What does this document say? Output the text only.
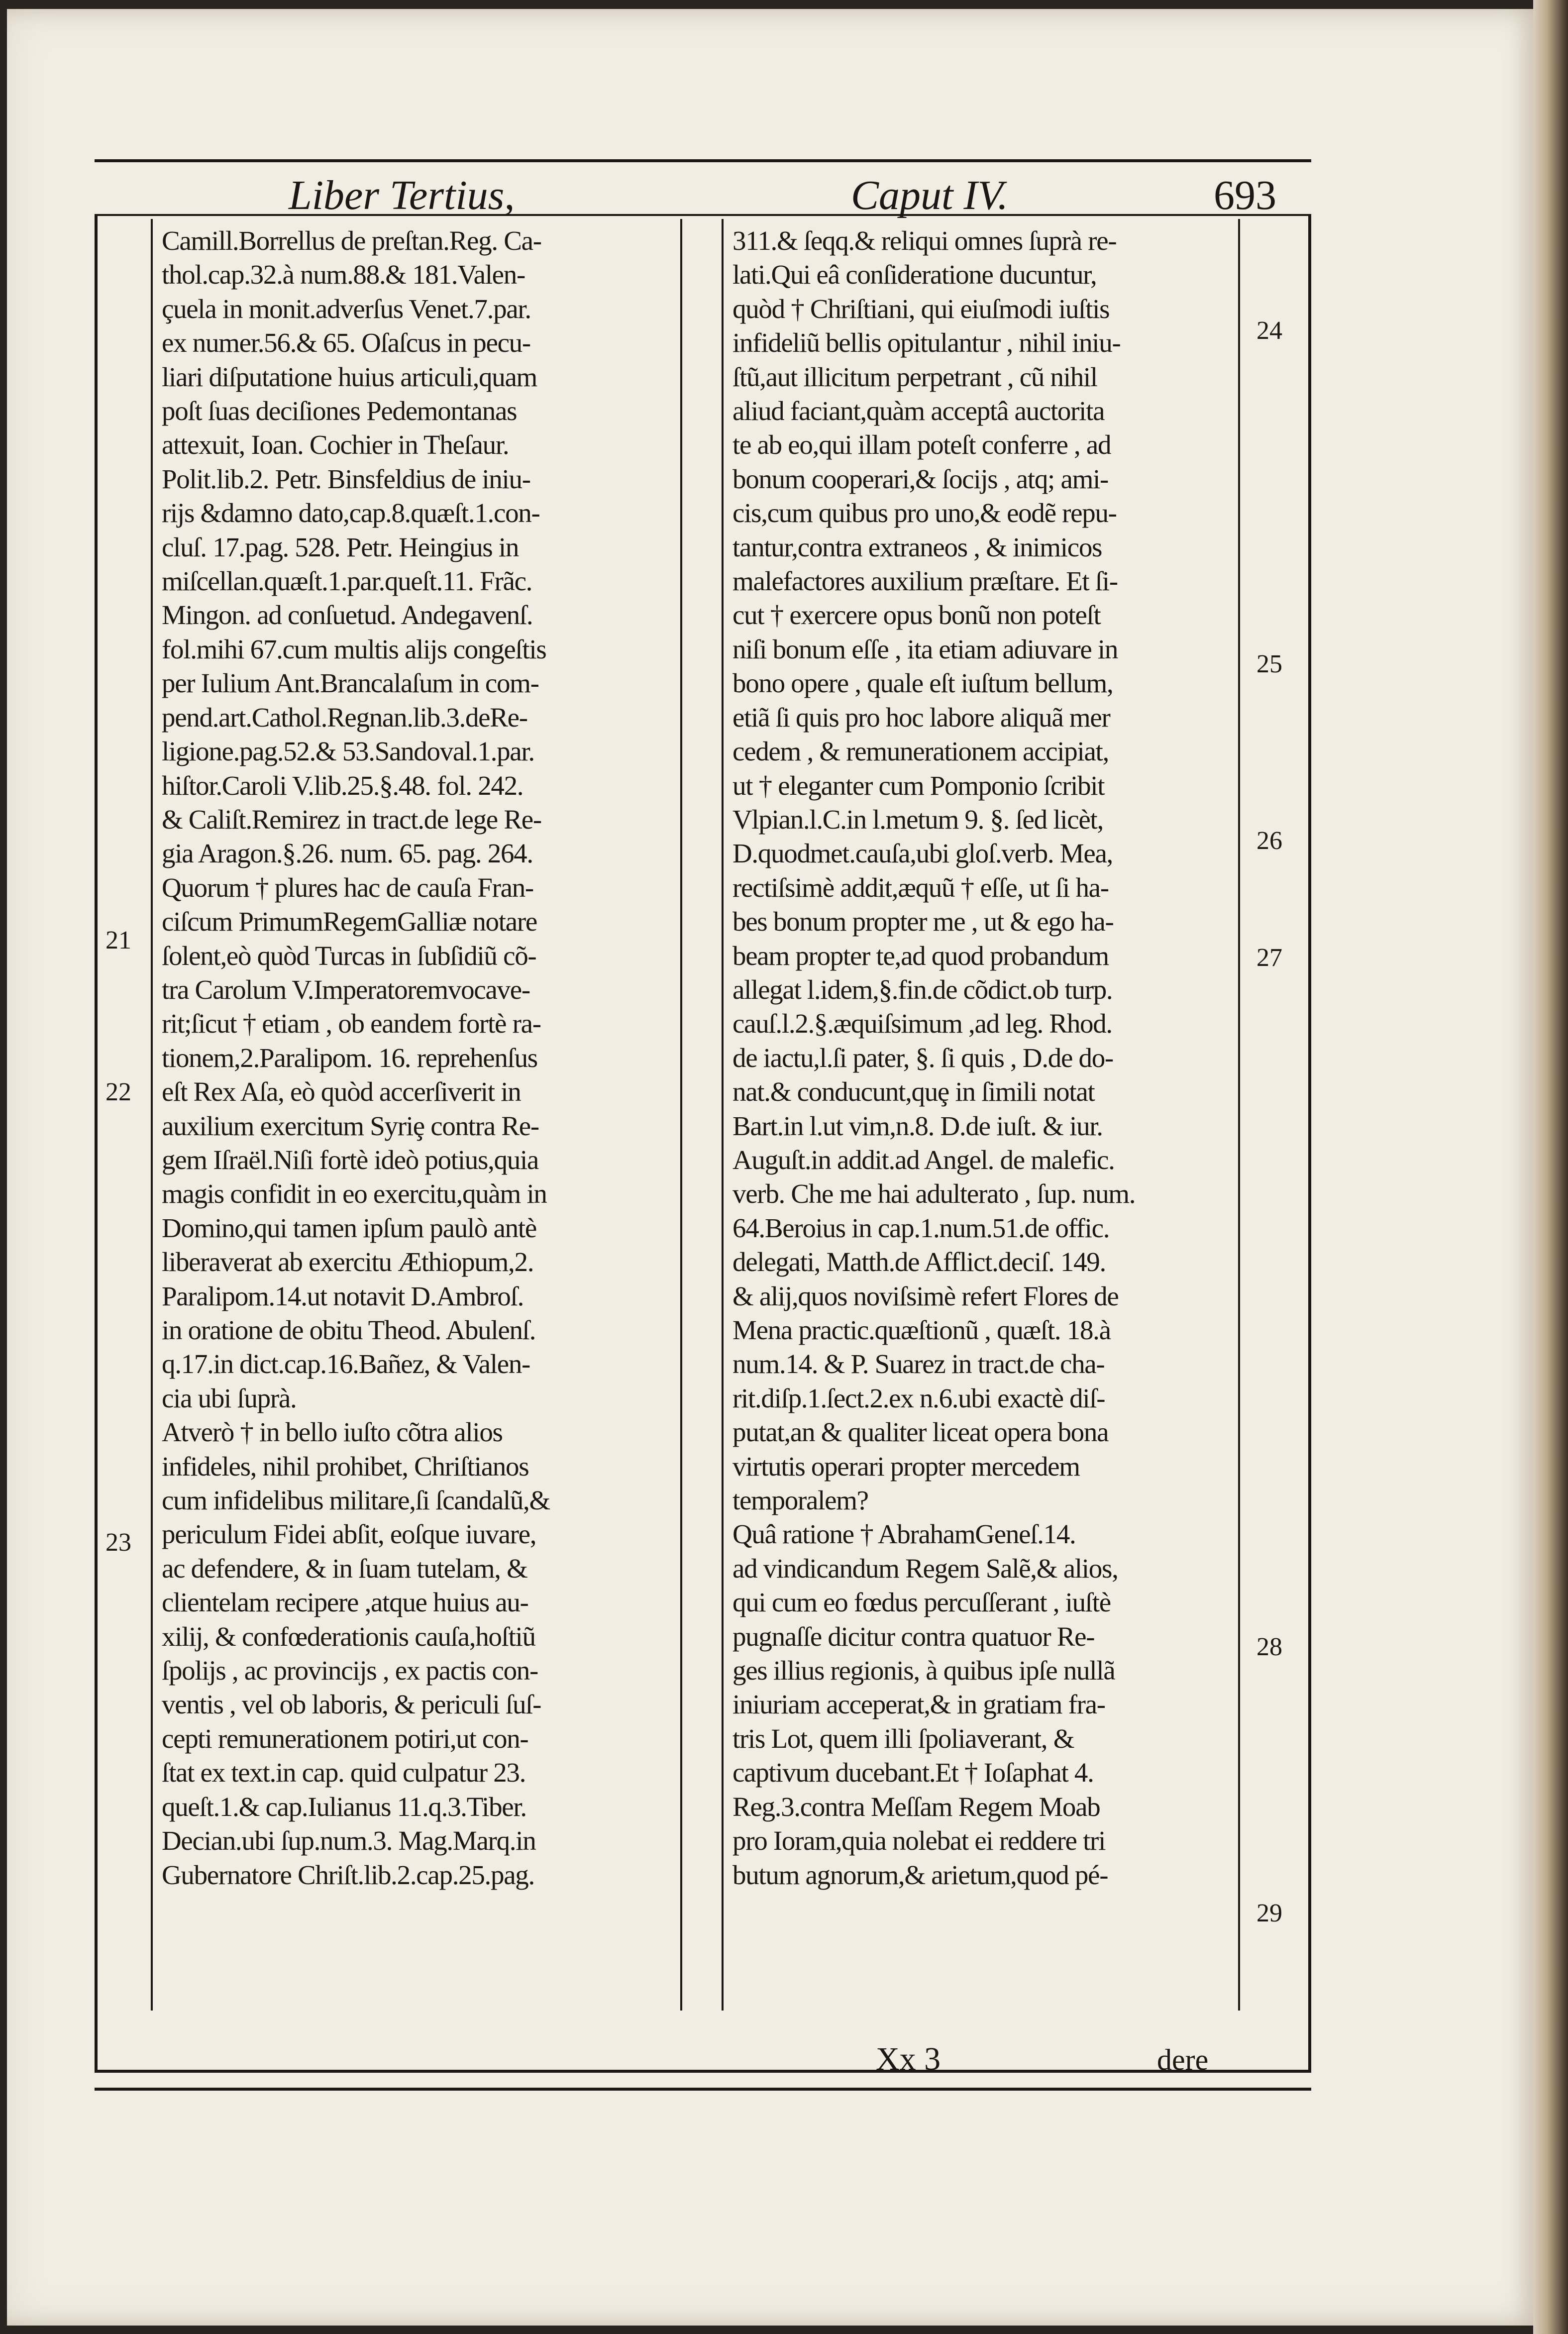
Liber Tertius,	Caput IV.	693
Camill.Borrellus de preſtan.Reg. Ca-
thol.cap.32.à num.88.& 181.Valen-
çuela in monit.adverſus Venet.7.par.
ex numer.56.& 65. Oſaſcus in pecu-
liari diſputatione huius articuli,quam
poſt ſuas deciſiones Pedemontanas
attexuit, Ioan. Cochier in Theſaur.
Polit.lib.2. Petr. Binsfeldius de iniu-
rijs &damno dato,cap.8.quæſt.1.con-
cluſ. 17.pag. 528. Petr. Heingius in
miſcellan.quæſt.1.par.queſt.11. Frãc.
Mingon. ad conſuetud. Andegavenſ.
fol.mihi 67.cum multis alijs congeſtis
per Iulium Ant.Brancalaſum in com-
pend.art.Cathol.Regnan.lib.3.deRe-
ligione.pag.52.& 53.Sandoval.1.par.
hiſtor.Caroli V.lib.25.§.48. fol. 242.
& Caliſt.Remirez in tract.de lege Re-
gia Aragon.§.26. num. 65. pag. 264.
Quorum † plures hac de cauſa Fran-
ciſcum PrimumRegemGalliæ notare
ſolent,eò quòd Turcas in ſubſidiũ cõ-
tra Carolum V.Imperatoremvocave-
rit;ſicut † etiam , ob eandem fortè ra-
tionem,2.Paralipom. 16. reprehenſus
eſt Rex Aſa, eò quòd accerſiverit in
auxilium exercitum Syriȩ contra Re-
gem Iſraël.Niſi fortè ideò potius,quia
magis confidit in eo exercitu,quàm in
Domino,qui tamen ipſum paulò antè
liberaverat ab exercitu Æthiopum,2.
Paralipom.14.ut notavit D.Ambroſ.
in oratione de obitu Theod. Abulenſ.
q.17.in dict.cap.16.Bañez, & Valen-
cia ubi ſuprà.
Atverò † in bello iuſto cõtra alios
infideles, nihil prohibet, Chriſtianos
cum infidelibus militare,ſi ſcandalũ,&
periculum Fidei abſit, eoſque iuvare,
ac defendere, & in ſuam tutelam, &
clientelam recipere ,atque huius au-
xilij, & confœderationis cauſa,hoſtiũ
ſpolijs , ac provincijs , ex pactis con-
ventis , vel ob laboris, & periculi ſuſ-
cepti remunerationem potiri,ut con-
ſtat ex text.in cap. quid culpatur 23.
queſt.1.& cap.Iulianus 11.q.3.Tiber.
Decian.ubi ſup.num.3. Mag.Marq.in
Gubernatore Chriſt.lib.2.cap.25.pag.
311.& ſeqq.& reliqui omnes ſuprà re-
lati.Qui eâ conſideratione ducuntur,
quòd † Chriſtiani, qui eiuſmodi iuſtis
infideliũ bellis opitulantur , nihil iniu-
ſtũ,aut illicitum perpetrant , cũ nihil
aliud faciant,quàm acceptâ auctorita
te ab eo,qui illam poteſt conferre , ad
bonum cooperari,& ſocijs , atq; ami-
cis,cum quibus pro uno,& eodẽ repu-
tantur,contra extraneos , & inimicos
malefactores auxilium præſtare. Et ſi-
cut † exercere opus bonũ non poteſt
niſi bonum eſſe , ita etiam adiuvare in
bono opere , quale eſt iuſtum bellum,
etiã ſi quis pro hoc labore aliquã mer
cedem , & remunerationem accipiat,
ut † eleganter cum Pomponio ſcribit
Vlpian.l.C.in l.metum 9. §. ſed licèt,
D.quodmet.cauſa,ubi gloſ.verb. Mea,
rectiſsimè addit,æquũ † eſſe, ut ſi ha-
bes bonum propter me , ut & ego ha-
beam propter te,ad quod probandum
allegat l.idem,§.fin.de cõdict.ob turp.
cauſ.l.2.§.æquiſsimum ,ad leg. Rhod.
de iactu,l.ſi pater, §. ſi quis , D.de do-
nat.& conducunt,quȩ in ſimili notat
Bart.in l.ut vim,n.8. D.de iuſt. & iur.
Auguſt.in addit.ad Angel. de malefic.
verb. Che me hai adulterato , ſup. num.
64.Beroius in cap.1.num.51.de offic.
delegati, Matth.de Afflict.deciſ. 149.
& alij,quos noviſsimè refert Flores de
Mena practic.quæſtionũ , quæſt. 18.à
num.14. & P. Suarez in tract.de cha-
rit.diſp.1.ſect.2.ex n.6.ubi exactè diſ-
putat,an & qualiter liceat opera bona
virtutis operari propter mercedem
temporalem?
Quâ ratione † AbrahamGeneſ.14.
ad vindicandum Regem Salẽ,& alios,
qui cum eo fœdus percuſſerant , iuſtè
pugnaſſe dicitur contra quatuor Re-
ges illius regionis, à quibus ipſe nullã
iniuriam acceperat,& in gratiam fra-
tris Lot, quem illi ſpoliaverant, &
captivum ducebant.Et † Ioſaphat 4.
Reg.3.contra Meſſam Regem Moab
pro Ioram,quia nolebat ei reddere tri
butum agnorum,& arietum,quod pé-
21
22
23
24
25
26
27
28
29
Xx 3	dere
